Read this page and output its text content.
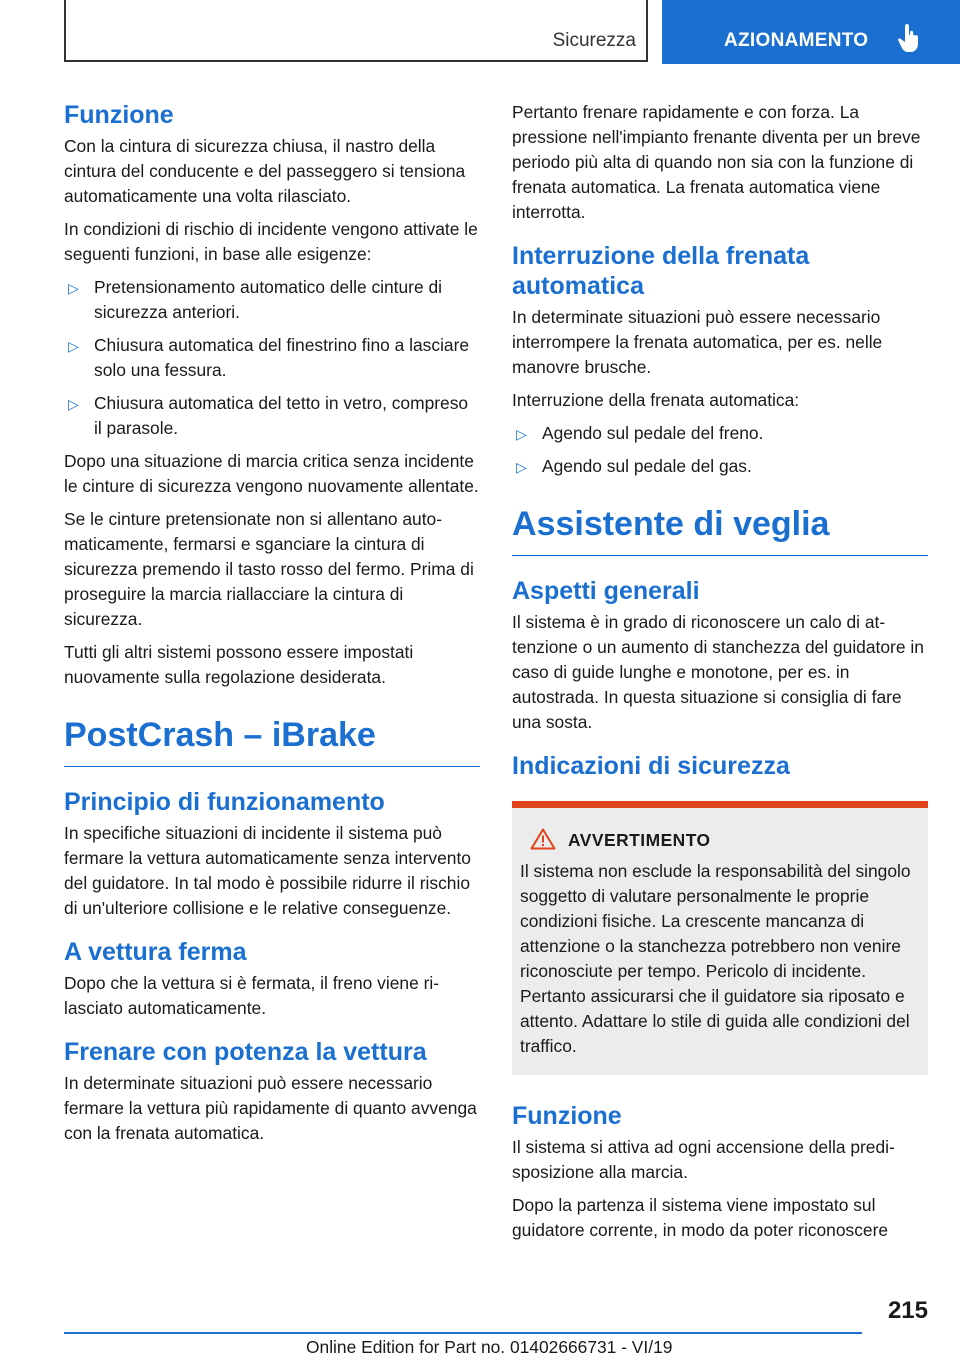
Sicurezza	AZIONAMENTO
Funzione

Con la cintura di sicurezza chiusa, il nastro della cintura del conducente e del passeggero si tensiona automaticamente una volta rilasciato.

In condizioni di rischio di incidente vengono attivate le seguenti funzioni, in base alle esigenze:

▷ Pretensionamento automatico delle cinture di sicurezza anteriori.
▷ Chiusura automatica del finestrino fino a lasciare solo una fessura.
▷ Chiusura automatica del tetto in vetro, compreso il parasole.

Dopo una situazione di marcia critica senza incidente le cinture di sicurezza vengono nuovamente allentate.

Se le cinture pretensionate non si allentano automaticamente, fermarsi e sganciare la cintura di sicurezza premendo il tasto rosso del fermo. Prima di proseguire la marcia riallacciare la cintura di sicurezza.

Tutti gli altri sistemi possono essere impostati nuovamente sulla regolazione desiderata.

PostCrash – iBrake
Principio di funzionamento

In specifiche situazioni di incidente il sistema può fermare la vettura automaticamente senza intervento del guidatore. In tal modo è possibile ridurre il rischio di un'ulteriore collisione e le relative conseguenze.

A vettura ferma

Dopo che la vettura si è fermata, il freno viene rilasciato automaticamente.

Frenare con potenza la vettura

In determinate situazioni può essere necessario fermare la vettura più rapidamente di quanto avvenga con la frenata automatica.

Pertanto frenare rapidamente e con forza. La pressione nell'impianto frenante diventa per un breve periodo più alta di quando non sia con la funzione di frenata automatica. La frenata automatica viene interrotta.

Interruzione della frenata automatica

In determinate situazioni può essere necessario interrompere la frenata automatica, per es. nelle manovre brusche.

Interruzione della frenata automatica:

▷ Agendo sul pedale del freno.
▷ Agendo sul pedale del gas.
Assistente di veglia
Aspetti generali

Il sistema è in grado di riconoscere un calo di attenzione o un aumento di stanchezza del guidatore in caso di guide lunghe e monotone, per es. in autostrada. In questa situazione si consiglia di fare una sosta.

Indicazioni di sicurezza
AVVERTIMENTO

Il sistema non esclude la responsabilità del singolo soggetto di valutare personalmente le proprie condizioni fisiche. La crescente mancanza di attenzione o la stanchezza potrebbero non venire riconosciute per tempo. Pericolo di incidente. Pertanto assicurarsi che il guidatore sia riposato e attento. Adattare lo stile di guida alle condizioni del traffico.

Funzione

Il sistema si attiva ad ogni accensione della predisposizione alla marcia.

Dopo la partenza il sistema viene impostato sul guidatore corrente, in modo da poter riconoscere

215
Online Edition for Part no. 01402666731 - VI/19
